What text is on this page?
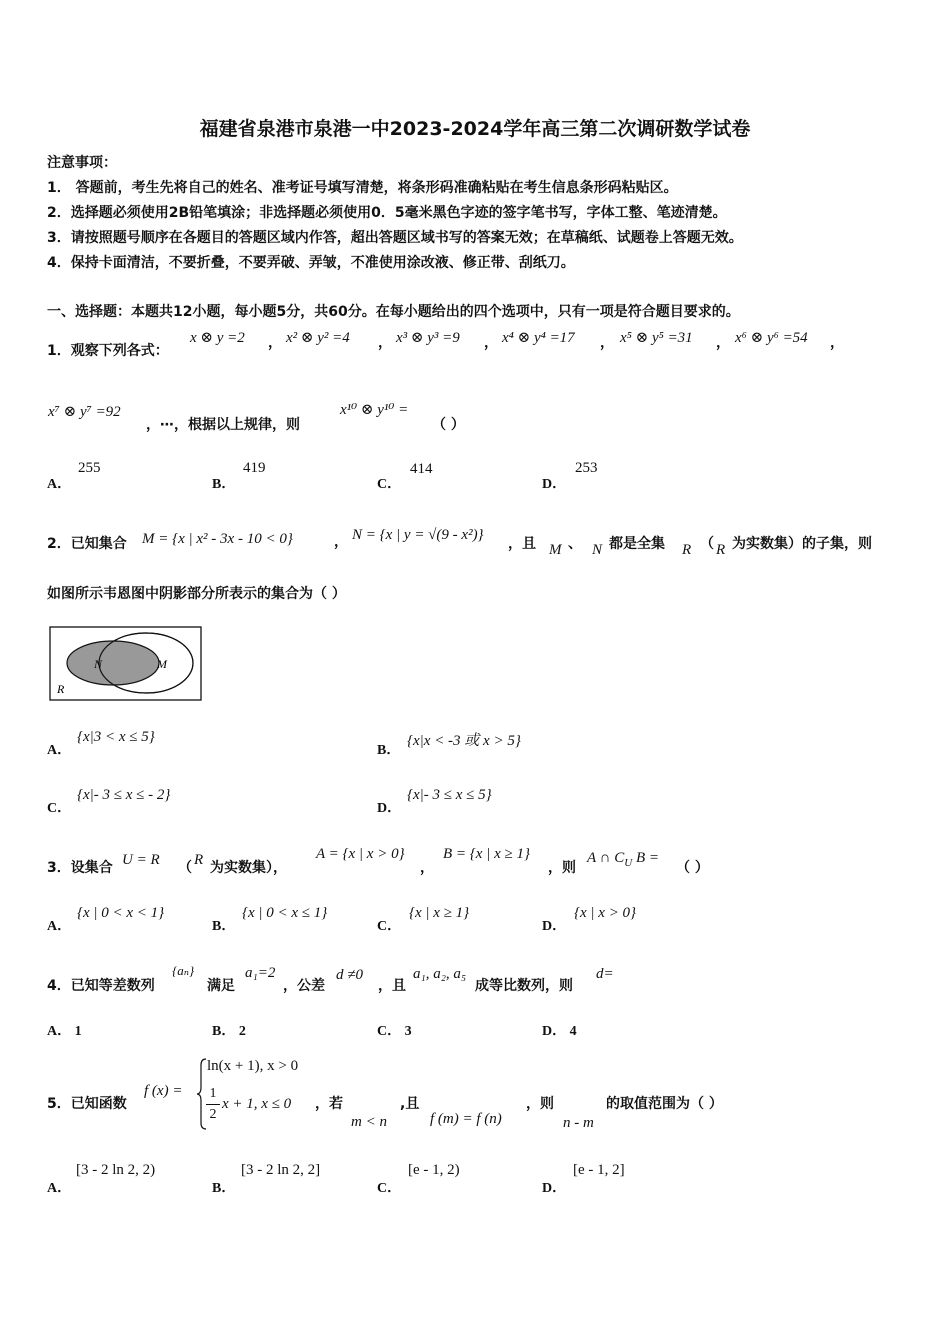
福建省泉港市泉港一中2023-2024学年高三第二次调研数学试卷
注意事项：
1． 答题前，考生先将自己的姓名、准考证号填写清楚，将条形码准确粘贴在考生信息条形码粘贴区。
2．选择题必须使用2B铅笔填涂；非选择题必须使用0．5毫米黑色字迹的签字笔书写，字体工整、笔迹清楚。
3．请按照题号顺序在各题目的答题区域内作答，超出答题区域书写的答案无效；在草稿纸、试题卷上答题无效。
4．保持卡面清洁，不要折叠，不要弄破、弄皱，不准使用涂改液、修正带、刮纸刀。
一、选择题：本题共12小题，每小题5分，共60分。在每小题给出的四个选项中，只有一项是符合题目要求的。
1．观察下列各式：
x ⊗ y =2 ， x² ⊗ y² =4 ， x³ ⊗ y³ =9 ， x⁴ ⊗ y⁴ =17 ， x⁵ ⊗ y⁵ =31 ， x⁶ ⊗ y⁶ =54 ，
x⁷ ⊗ y⁷ =92
，⋯，根据以上规律，则
x¹⁰ ⊗ y¹⁰ =
（ ）
A．
255
B．
419
C．
414
D．
253
2．已知集合 M = {x | x² - 3x - 10 < 0}	， N = {x | y = √(9 - x²)}
，且 M 、 N 都是全集 R （ R 为实数集）的子集，则
如图所示韦恩图中阴影部分所表示的集合为（ ）
N	M
R
A．
{x|3 < x ≤ 5}
B．
{x|x < -3 或 x > 5}
C．
{x|- 3 ≤ x ≤ - 2}
D．
{x|- 3 ≤ x ≤ 5}
3．设集合 U = R （ R 为实数集），
A = {x | x > 0}
，
B = {x | x ≥ 1}
，则
A ∩ $C_U$ B =
（ ）
A．
{x | 0 < x < 1}
B．
{x | 0 < x ≤ 1}
C．
{x | x ≥ 1}
D．
{x | x > 0}
4．已知等差数列
{aₙ}
满足
a₁=2
，公差
d ≠0
，且
a₁, a₂, a₅
成等比数列，则
d=
A． 1	B． 2	C． 3	D． 4
5．已知函数
f (x) =
ln(x + 1), x > 0
1
2
x + 1, x ≤ 0 ，若
m < n
,且
f (m) = f (n)
，则
n - m
的取值范围为（ ）
A．
[3 - 2 ln 2, 2)
B．
[3 - 2 ln 2, 2]
C．
[e - 1, 2)
D．
[e - 1, 2]
